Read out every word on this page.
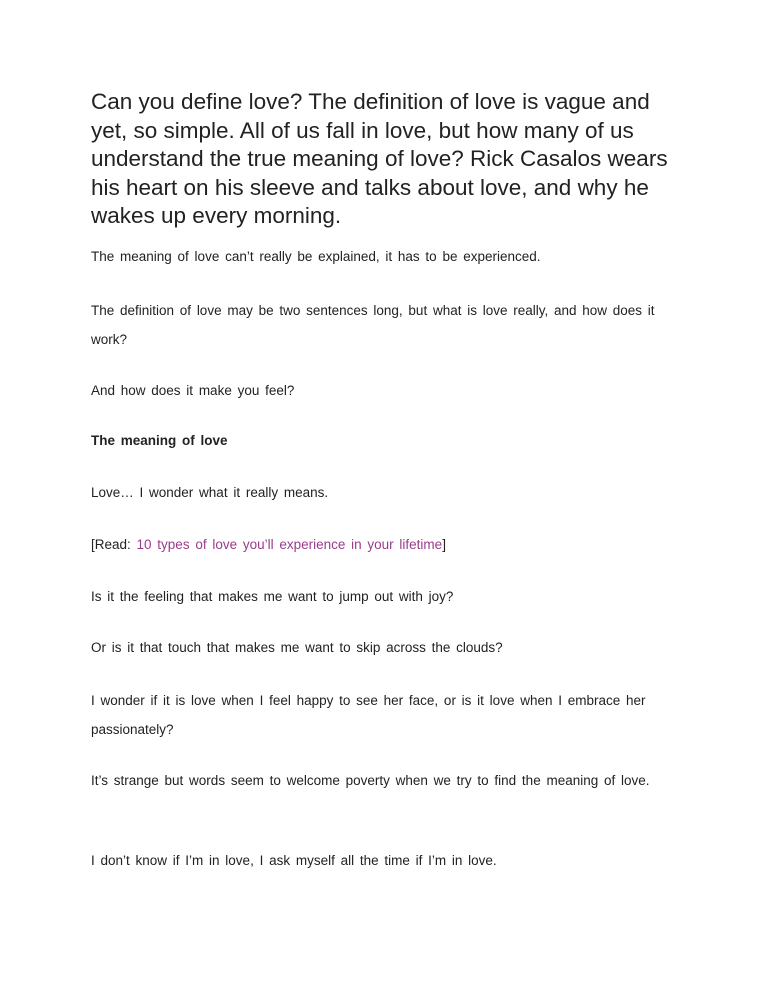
Can you define love? The definition of love is vague and yet, so simple. All of us fall in love, but how many of us understand the true meaning of love? Rick Casalos wears his heart on his sleeve and talks about love, and why he wakes up every morning.

The meaning of love can’t really be explained, it has to be experienced.

The definition of love may be two sentences long, but what is love really, and how does it work?

And how does it make you feel?

The meaning of love

Love… I wonder what it really means.

[Read: 10 types of love you’ll experience in your lifetime]

Is it the feeling that makes me want to jump out with joy?

Or is it that touch that makes me want to skip across the clouds?

I wonder if it is love when I feel happy to see her face, or is it love when I embrace her passionately?

It’s strange but words seem to welcome poverty when we try to find the meaning of love.

I don’t know if I’m in love, I ask myself all the time if I’m in love.
